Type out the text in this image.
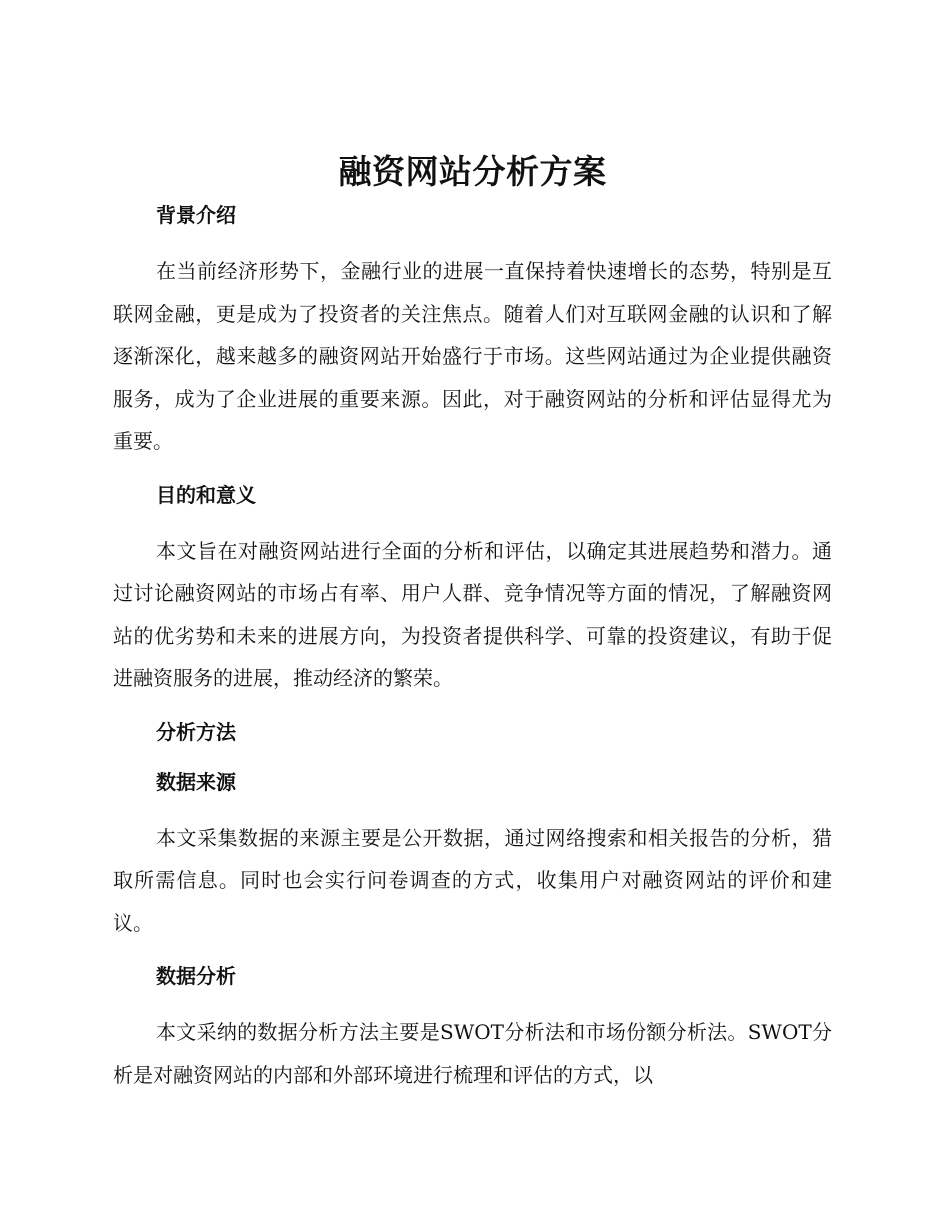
融资网站分析方案
背景介绍

在当前经济形势下，金融行业的进展一直保持着快速增长的态势，特别是互联网金融，更是成为了投资者的关注焦点。随着人们对互联网金融的认识和了解逐渐深化，越来越多的融资网站开始盛行于市场。这些网站通过为企业提供融资服务，成为了企业进展的重要来源。因此，对于融资网站的分析和评估显得尤为重要。

目的和意义

本文旨在对融资网站进行全面的分析和评估，以确定其进展趋势和潜力。通过讨论融资网站的市场占有率、用户人群、竞争情况等方面的情况，了解融资网站的优劣势和未来的进展方向，为投资者提供科学、可靠的投资建议，有助于促进融资服务的进展，推动经济的繁荣。

分析方法
数据来源

本文采集数据的来源主要是公开数据，通过网络搜索和相关报告的分析，猎取所需信息。同时也会实行问卷调查的方式，收集用户对融资网站的评价和建议。

数据分析

本文采纳的数据分析方法主要是SWOT分析法和市场份额分析法。SWOT分析是对融资网站的内部和外部环境进行梳理和评估的方式，以
